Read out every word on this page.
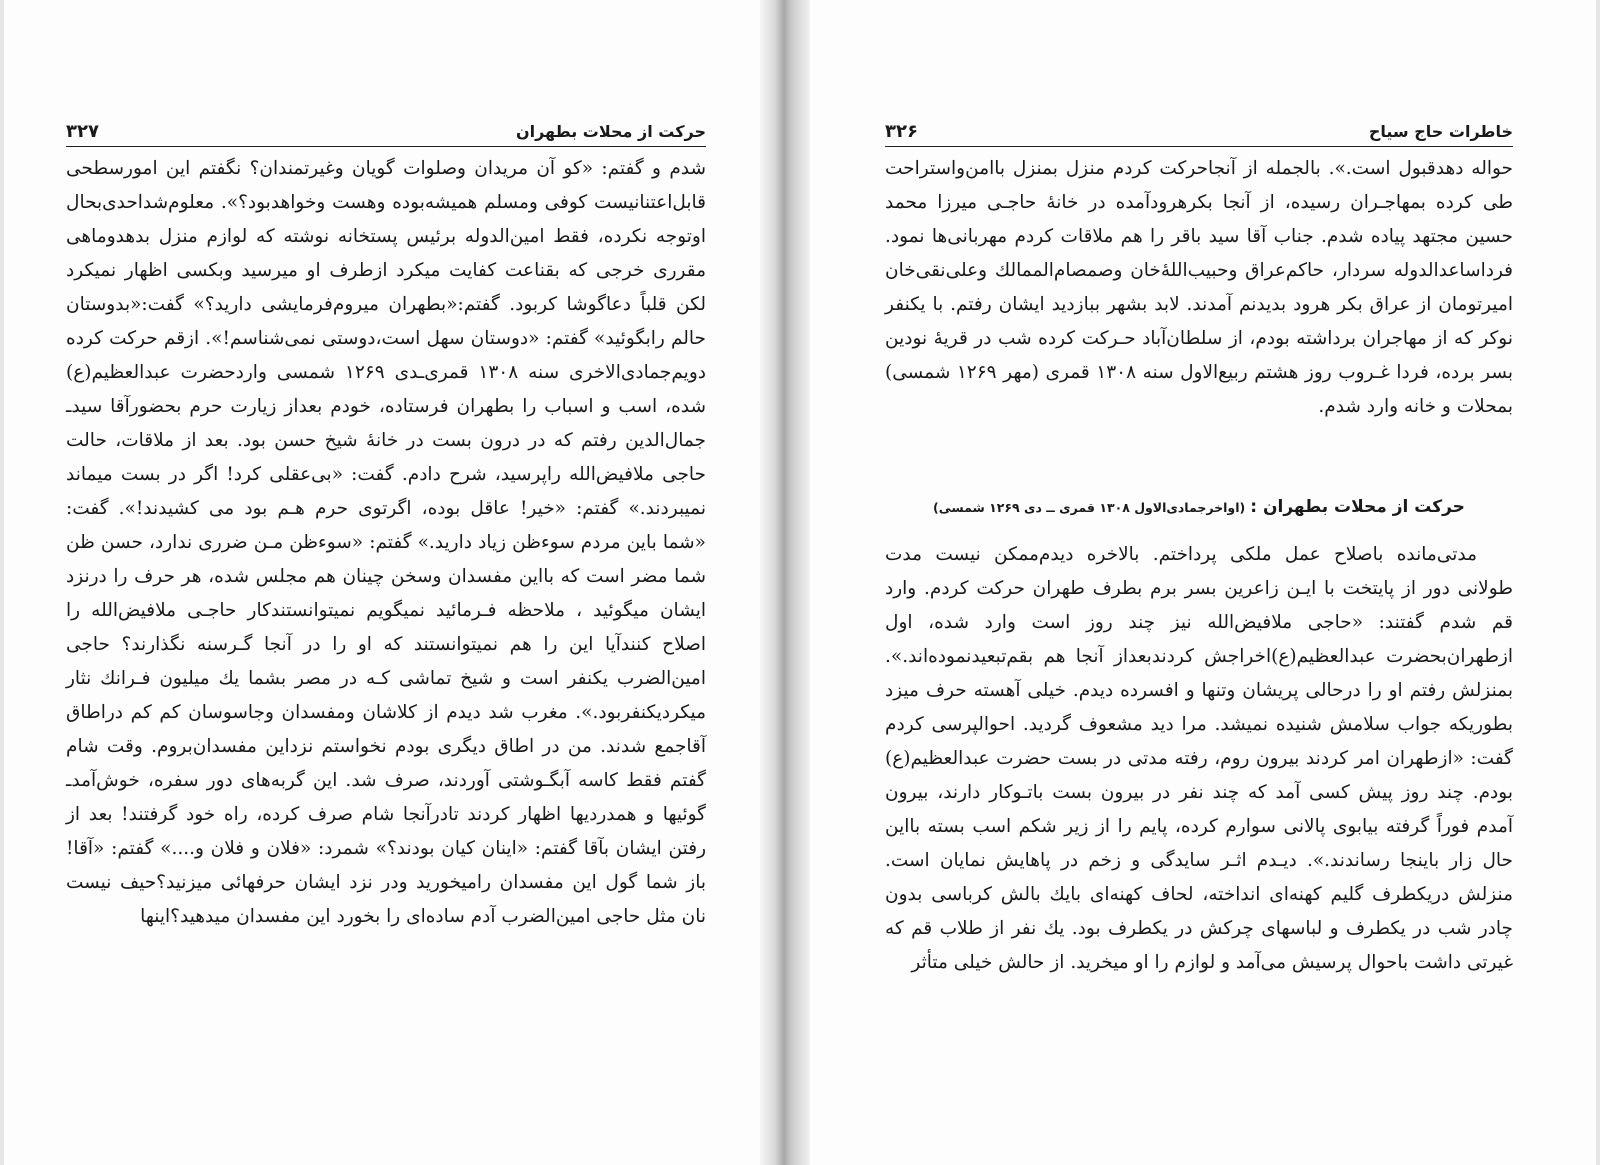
حرکت از محلات بطهران
۳۲۷

شدم و گفتم: «کو آن مریدان وصلوات گویان وغیرتمندان؟ نگفتم این امورسطحی قابل‌اعتنانیست کوفی ومسلم همیشه‌بوده وهست وخواهدبود؟». معلوم‌شداحدی‌بحال اوتوجه نکرده، فقط امین‌الدوله برئیس پستخانه نوشته که لوازم منزل بدهدوماهی مقرری خرجی که بقناعت کفایت میکرد ازطرف او میرسید وبکسی اظهار نمیکرد لکن قلباً دعاگوشا کربود. گفتم:«بطهران میروم‌فرمایشی دارید؟» گفت:«بدوستان حالم رابگوئید» گفتم: «دوستان سهل است،دوستی نمی‌شناسم!». ازقم حرکت کرده دویم‌جمادی‌الاخری سنه ۱۳۰۸ قمری‌ـدی ۱۲۶۹ شمسی واردحضرت عبدالعظیم(ع) شده، اسب و اسباب را بطهران فرستاده، خودم بعداز زیارت حرم بحضورآقا سیدـ جمال‌الدین رفتم که در درون بست در خانهٔ شیخ حسن بود. بعد از ملاقات، حالت حاجی ملافیض‌الله راپرسید، شرح دادم. گفت: «بی‌عقلی کرد! اگر در بست میماند نمیبردند.» گفتم: «خیر! عاقل بوده، اگرتوی حرم هـم بود می کشیدند!». گفت: «شما باین مردم سوءظن زیاد دارید.» گفتم: «سوءظن مـن ضرری ندارد، حسن ظن شما مضر است که بااین مفسدان وسخن چینان هم مجلس شده، هر حرف را درنزد ایشان میگوئید ، ملاحظه فـرمائید نمیگویم نمیتوانستندکار حاجـی ملافیض‌الله را اصلاح کنندآیا این را هم نمیتوانستند که او را در آنجا گـرسنه نگذارند؟ حاجی امین‌الضرب یکنفر است و شیخ تماشی کـه در مصر بشما یك میلیون فـرانك نثار میکردیکنفربود.». مغرب شد دیدم از کلاشان ومفسدان وجاسوسان کم کم دراطاق آقاجمع شدند. من در اطاق دیگری بودم نخواستم نزداین مفسدان‌بروم. وقت شام گفتم فقط کاسه آبگـوشتی آوردند، صرف شد. این گربه‌های دور سفره، خوش‌آمدـ گوئیها و همدردیها اظهار کردند تادرآنجا شام صرف کرده، راه خود گرفتند! بعد از رفتن ایشان بآقا گفتم: «اینان کیان بودند؟» شمرد: «فلان و فلان و....» گفتم: «آقا! باز شما گول این مفسدان رامیخورید ودر نزد ایشان حرفهائی میزنید؟حیف نیست نان مثل حاجی امین‌الضرب آدم ساده‌ای را بخورد این مفسدان میدهید؟اینها

خاطرات حاج سیاح
۳۲۶

حواله دهدقبول است.». بالجمله از آنجاحرکت کردم منزل بمنزل باامن‌واستراحت طی کرده بمهاجـران رسیده، از آنجا بکرهرودآمده در خانهٔ حاجـی میرزا محمد حسین مجتهد پیاده شدم. جناب آقا سید باقر را هم ملاقات کردم مهربانی‌ها نمود. فرداساعدالدوله سردار، حاکم‌عراق وحبیب‌اللهٔ‌خان وصمصام‌الممالك وعلی‌نقی‌خان امیرتومان از عراق بکر هرود بدیدنم آمدند. لابد بشهر ببازدید ایشان رفتم. با یکنفر نوکر که از مهاجران برداشته بودم، از سلطان‌آباد حـرکت کرده شب در قریهٔ نودین بسر برده، فردا غـروب روز هشتم ربیع‌الاول سنه ۱۳۰۸ قمری (مهر ۱۲۶۹ شمسی) بمحلات و خانه وارد شدم.

حرکت از محلات بطهران : (اواخرجمادی‌الاول ۱۳۰۸ قمری ــ دی ۱۲۶۹ شمسی)

مدتی‌مانده باصلاح عمل ملکی پرداختم. بالاخره دیدم‌ممکن نیست مدت طولانی دور از پایتخت با ایـن زاعرین بسر برم بطرف طهران حرکت کردم. وارد قم شدم گفتند: «حاجی ملافیض‌الله نیز چند روز است وارد شده، اول ازطهران‌بحضرت عبدالعظیم(ع)اخراجش کردندبعداز آنجا هم بقم‌تبعیدنموده‌اند.». بمنزلش رفتم او را درحالی پریشان وتنها و افسرده دیدم. خیلی آهسته حرف میزد بطوریکه جواب سلامش شنیده نمیشد. مرا دید مشعوف گردید. احوالپرسی کردم گفت: «ازطهران امر کردند بیرون روم، رفته مدتی در بست حضرت عبدالعظیم(ع) بودم. چند روز پیش کسی آمد که چند نفر در بیرون بست باتـوکار دارند، بیرون آمدم فوراً گرفته بیابوی پالانی سوارم کرده، پایم را از زیر شکم اسب بسته بااین حال زار باینجا رساندند.». دیـدم اثـر سایدگی و زخم در پاهایش نمایان است. منزلش دریکطرف گلیم کهنه‌ای انداخته، لحاف کهنه‌ای بایك بالش کرباسی بدون چادر شب در یکطرف و لباسهای چرکش در یکطرف بود. یك نفر از طلاب قم که غیرتی داشت باحوال پرسیش می‌آمد و لوازم را او میخرید. از حالش خیلی متأثر
